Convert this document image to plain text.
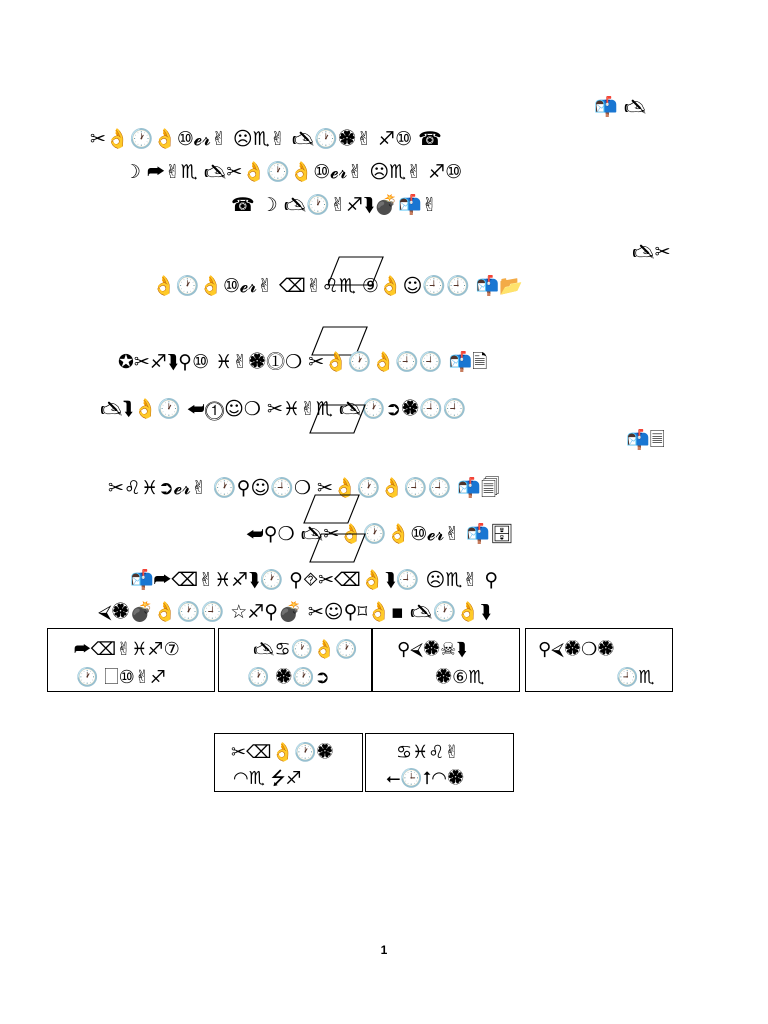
📬 🖎
✂👌🕐👌⑩𝓮𝓻✌ ☹♏✌ 🖎🕐🏶✌ ♐⑩ ☎
☽ ⮫✌♏ 🖎✂👌🕐👌⑩𝓮𝓻✌ ☹♏✌ ♐⑩
☎ ☽ 🖎🕐✌♐⮯💣📬✌
🖎✂
👌🕐👌⑩𝓮𝓻✌ ⌫✌♌♏ ⑨👌☺🕘🕘 📬📂
✪✂♐⮯⚲⑩ ♓✌🏶⓵❍ ✂👌🕐👌🕘🕘 📬🗎
🖎⮯👌🕐 ⮨⓵☺❍ ✂♓✌♏ 🖎🕐➲🏶🕘🕘
📬🗏
✂♌♓➲𝓮𝓻✌ 🕐⚲☺🕘❍ ✂👌🕐👌🕘🕘 📬🗐
⮨⚲❍ 🖎✂👌🕐👌⑩𝓮𝓻✌ 📬🗄
📬⮫⌫✌♓♐⮯🕐 ⚲⯑✂⌫👌⮯🕘 ☹♏✌ ⚲
⮘🏶💣👌🕐🕘 ☆♐⚲💣 ✂☺⚲⌑👌▪ 🖎🕐👌⮯
⮫⌫✌♓♐⑦
🕐 🗌⑩✌♐
🖎♋🕐👌🕐
🕐 🏶🕐➲
⚲⮘🏶☠⮯
🏶⑥♏
⚲⮘🏶❍🏶
🕘♏
✂⌫👌🕐🏶
◠♏ ⭍♐
♋♓♌✌
⭠🕒⭡◠🏶
1
